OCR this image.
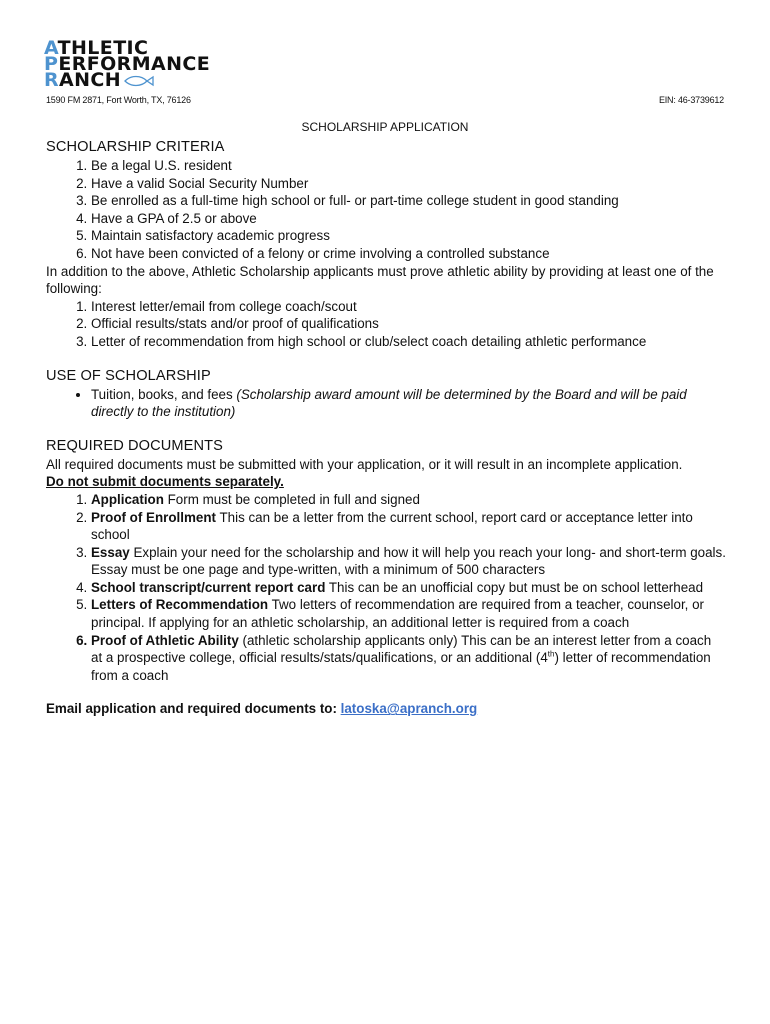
ATHLETIC
PERFORMANCE
RANCH
1590 FM 2871, Fort Worth, TX, 76126	EIN: 46-3739612
SCHOLARSHIP APPLICATION
SCHOLARSHIP CRITERIA
1. Be a legal U.S. resident
2. Have a valid Social Security Number
3. Be enrolled as a full-time high school or full- or part-time college student in good standing
4. Have a GPA of 2.5 or above
5. Maintain satisfactory academic progress
6. Not have been convicted of a felony or crime involving a controlled substance
In addition to the above, Athletic Scholarship applicants must prove athletic ability by providing at least one of the following:
1. Interest letter/email from college coach/scout
2. Official results/stats and/or proof of qualifications
3. Letter of recommendation from high school or club/select coach detailing athletic performance
USE OF SCHOLARSHIP
• Tuition, books, and fees (Scholarship award amount will be determined by the Board and will be paid directly to the institution)
REQUIRED DOCUMENTS
All required documents must be submitted with your application, or it will result in an incomplete application.
Do not submit documents separately.
1. Application Form must be completed in full and signed
2. Proof of Enrollment This can be a letter from the current school, report card or acceptance letter into school
3. Essay Explain your need for the scholarship and how it will help you reach your long- and short-term goals. Essay must be one page and type-written, with a minimum of 500 characters
4. School transcript/current report card This can be an unofficial copy but must be on school letterhead
5. Letters of Recommendation Two letters of recommendation are required from a teacher, counselor, or principal. If applying for an athletic scholarship, an additional letter is required from a coach
6. Proof of Athletic Ability (athletic scholarship applicants only) This can be an interest letter from a coach at a prospective college, official results/stats/qualifications, or an additional (4th) letter of recommendation from a coach
Email application and required documents to: latoska@apranch.org
